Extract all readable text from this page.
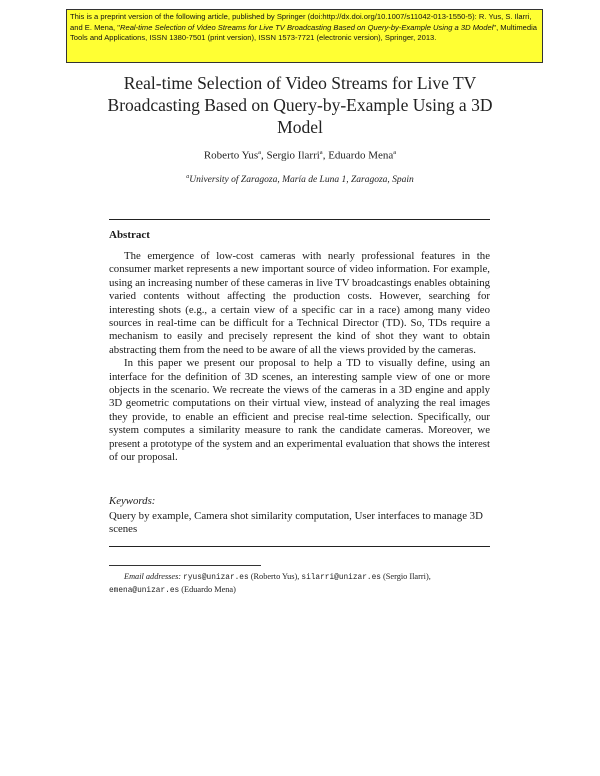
This is a preprint version of the following article, published by Springer (doi:http://dx.doi.org/10.1007/s11042-013-1550-5): R. Yus, S. Ilarri, and E. Mena, "Real-time Selection of Video Streams for Live TV Broadcasting Based on Query-by-Example Using a 3D Model", Multimedia Tools and Applications, ISSN 1380-7501 (print version), ISSN 1573-7721 (electronic version), Springer, 2013.
Real-time Selection of Video Streams for Live TV Broadcasting Based on Query-by-Example Using a 3D Model
Roberto Yus$^a$, Sergio Ilarri$^a$, Eduardo Mena$^a$
$^a$University of Zaragoza, María de Luna 1, Zaragoza, Spain
Abstract

The emergence of low-cost cameras with nearly professional features in the consumer market represents a new important source of video information. For example, using an increasing number of these cameras in live TV broadcastings enables obtaining varied contents without affecting the production costs. However, searching for interesting shots (e.g., a certain view of a specific car in a race) among many video sources in real-time can be difficult for a Technical Director (TD). So, TDs require a mechanism to easily and precisely represent the kind of shot they want to obtain abstracting them from the need to be aware of all the views provided by the cameras.

In this paper we present our proposal to help a TD to visually define, using an interface for the definition of 3D scenes, an interesting sample view of one or more objects in the scenario. We recreate the views of the cameras in a 3D engine and apply 3D geometric computations on their virtual view, instead of analyzing the real images they provide, to enable an efficient and precise real-time selection. Specifically, our system computes a similarity measure to rank the candidate cameras. Moreover, we present a prototype of the system and an experimental evaluation that shows the interest of our proposal.

Keywords:
Query by example, Camera shot similarity computation, User interfaces to manage 3D scenes
Email addresses: ryus@unizar.es (Roberto Yus), silarri@unizar.es (Sergio Ilarri),
emena@unizar.es (Eduardo Mena)
